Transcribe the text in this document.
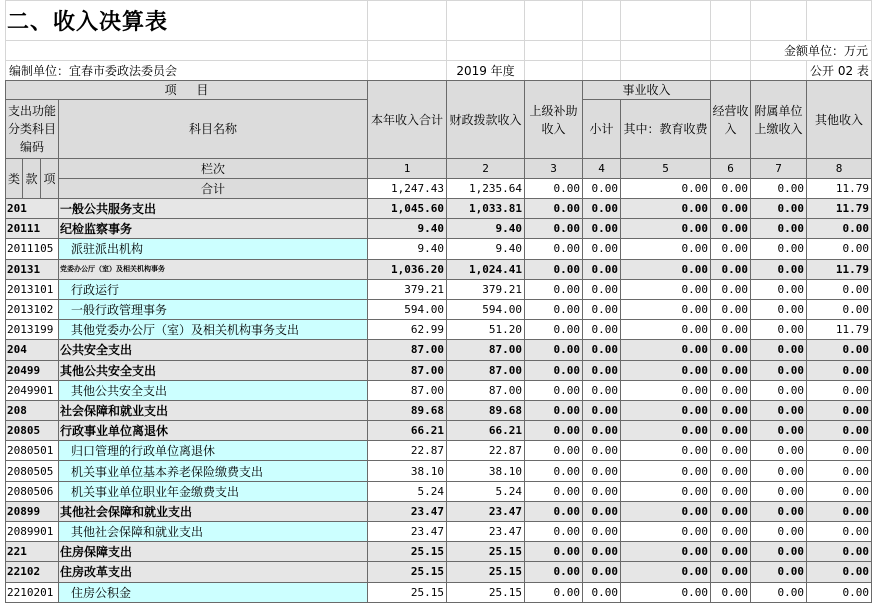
二、收入决算表								
							金额单位：万元	
编制单位：宜春市委政法委员会		2019 年度						公开 02 表
项 目				本年收入合计	财政拨款收入	上级补助收入	事业收入		经营收入	附属单位上缴收入	其他收入
支出功能分类科目编码			科目名称				小计	其中：教育收费			
类	款	项	栏次	1	2	3	4	5	6	7	8
			合计	1,247.43	1,235.64	0.00	0.00	0.00	0.00	0.00	11.79
201			一般公共服务支出	1,045.60	1,033.81	0.00	0.00	0.00	0.00	0.00	11.79
20111			纪检监察事务	9.40	9.40	0.00	0.00	0.00	0.00	0.00	0.00
2011105			派驻派出机构	9.40	9.40	0.00	0.00	0.00	0.00	0.00	0.00
20131			党委办公厅（室）及相关机构事务	1,036.20	1,024.41	0.00	0.00	0.00	0.00	0.00	11.79
2013101			行政运行	379.21	379.21	0.00	0.00	0.00	0.00	0.00	0.00
2013102			一般行政管理事务	594.00	594.00	0.00	0.00	0.00	0.00	0.00	0.00
2013199			其他党委办公厅（室）及相关机构事务支出	62.99	51.20	0.00	0.00	0.00	0.00	0.00	11.79
204			公共安全支出	87.00	87.00	0.00	0.00	0.00	0.00	0.00	0.00
20499			其他公共安全支出	87.00	87.00	0.00	0.00	0.00	0.00	0.00	0.00
2049901			其他公共安全支出	87.00	87.00	0.00	0.00	0.00	0.00	0.00	0.00
208			社会保障和就业支出	89.68	89.68	0.00	0.00	0.00	0.00	0.00	0.00
20805			行政事业单位离退休	66.21	66.21	0.00	0.00	0.00	0.00	0.00	0.00
2080501			归口管理的行政单位离退休	22.87	22.87	0.00	0.00	0.00	0.00	0.00	0.00
2080505			机关事业单位基本养老保险缴费支出	38.10	38.10	0.00	0.00	0.00	0.00	0.00	0.00
2080506			机关事业单位职业年金缴费支出	5.24	5.24	0.00	0.00	0.00	0.00	0.00	0.00
20899			其他社会保障和就业支出	23.47	23.47	0.00	0.00	0.00	0.00	0.00	0.00
2089901			其他社会保障和就业支出	23.47	23.47	0.00	0.00	0.00	0.00	0.00	0.00
221			住房保障支出	25.15	25.15	0.00	0.00	0.00	0.00	0.00	0.00
22102			住房改革支出	25.15	25.15	0.00	0.00	0.00	0.00	0.00	0.00
2210201			住房公积金	25.15	25.15	0.00	0.00	0.00	0.00	0.00	0.00
